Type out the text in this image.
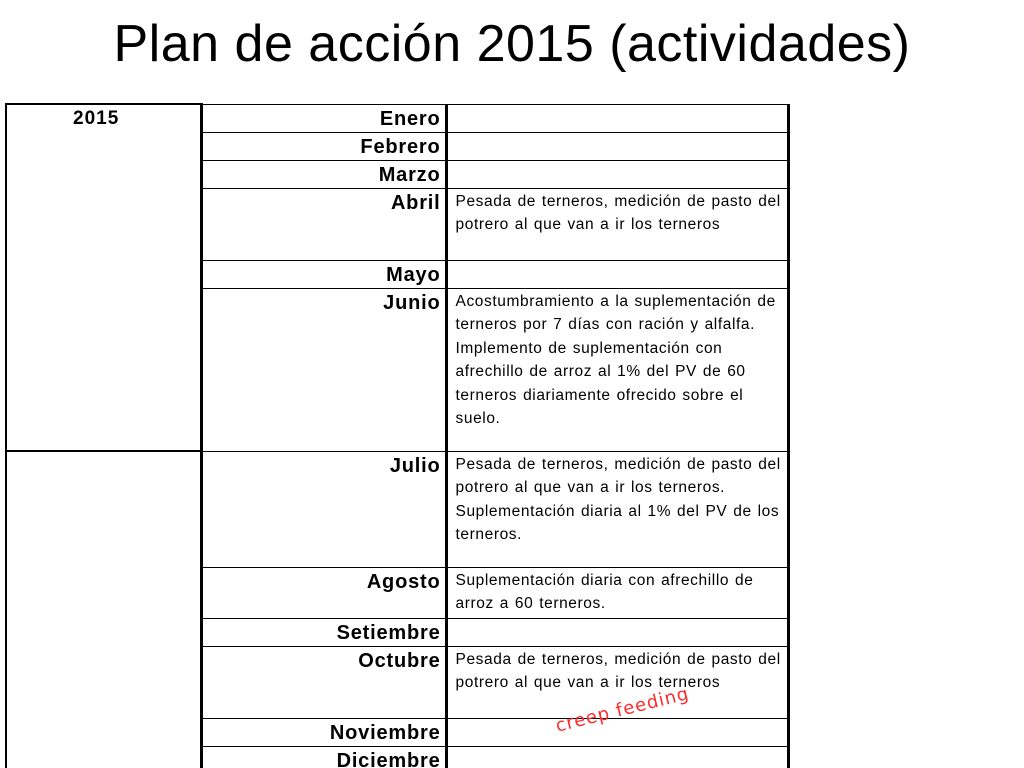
Plan de acción 2015 (actividades)
2015	Enero	

	Febrero	

	Marzo	

	Abril	Pesada de terneros, medición de pasto del potrero al que van a ir los terneros

	Mayo	

	Junio	Acostumbramiento a la suplementación de terneros por 7 días con ración y alfalfa. Implemento de suplementación con afrechillo de arroz al 1% del PV de 60 terneros diariamente ofrecido sobre el suelo.

	Julio	Pesada de terneros, medición de pasto del potrero al que van a ir los terneros. Suplementación diaria al 1% del PV de los terneros.

	Agosto	Suplementación diaria con afrechillo de arroz a 60 terneros.

	Setiembre	

	Octubre	Pesada de terneros, medición de pasto del potrero al que van a ir los terneros

	Noviembre	

	Diciembre	

creep feeding
